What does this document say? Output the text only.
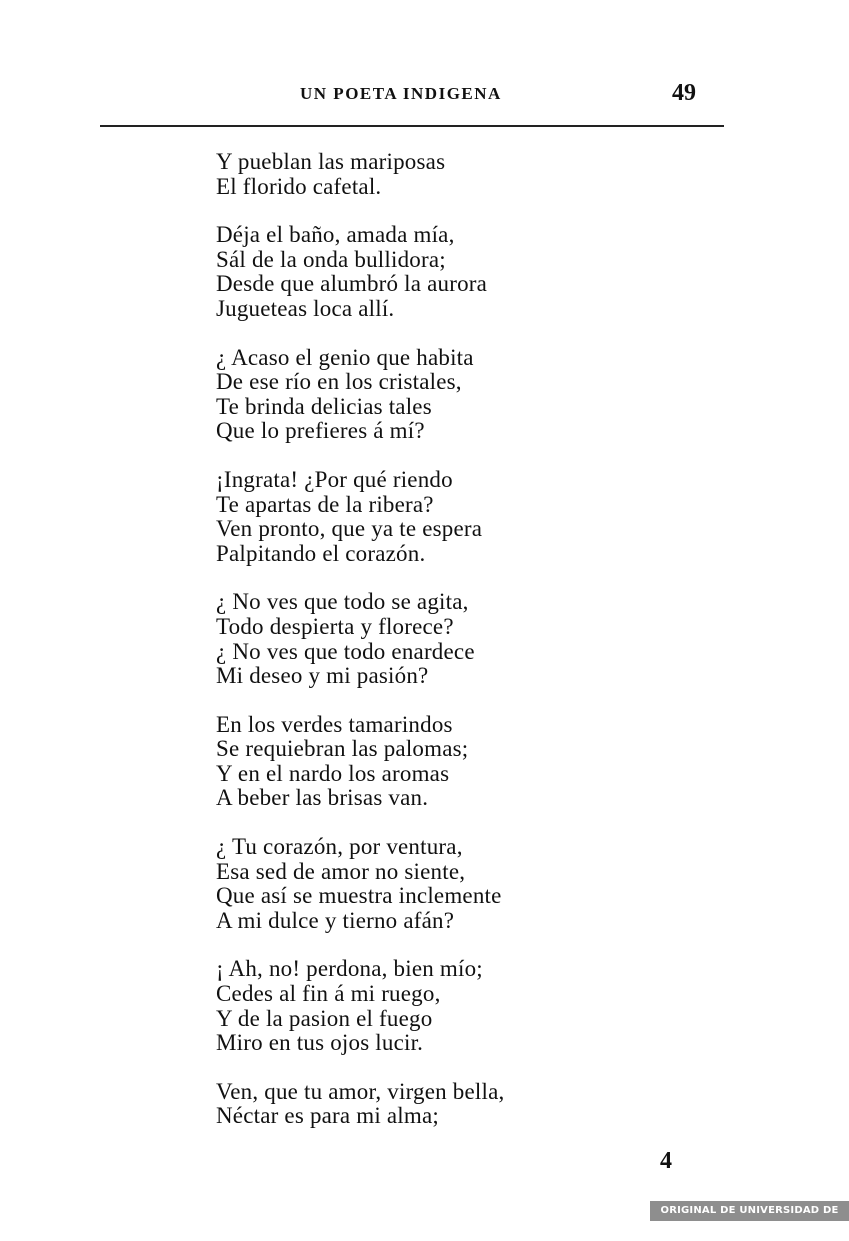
UN POETA INDIGENA	49
Y pueblan las mariposas
El florido cafetal.
Déja el baño, amada mía,
Sál de la onda bullidora;
Desde que alumbró la aurora
Jugueteas loca allí.
¿ Acaso el genio que habita
De ese río en los cristales,
Te brinda delicias tales
Que lo prefieres á mí?
¡Ingrata! ¿Por qué riendo
Te apartas de la ribera?
Ven pronto, que ya te espera
Palpitando el corazón.
¿ No ves que todo se agita,
Todo despierta y florece?
¿ No ves que todo enardece
Mi deseo y mi pasión?
En los verdes tamarindos
Se requiebran las palomas;
Y en el nardo los aromas
A beber las brisas van.
¿ Tu corazón, por ventura,
Esa sed de amor no siente,
Que así se muestra inclemente
A mi dulce y tierno afán?
¡ Ah, no! perdona, bien mío;
Cedes al fin á mi ruego,
Y de la pasion el fuego
Miro en tus ojos lucir.
Ven, que tu amor, virgen bella,
Néctar es para mi alma;
4
ORIGINAL DE UNIVERSIDAD DE CHILE
